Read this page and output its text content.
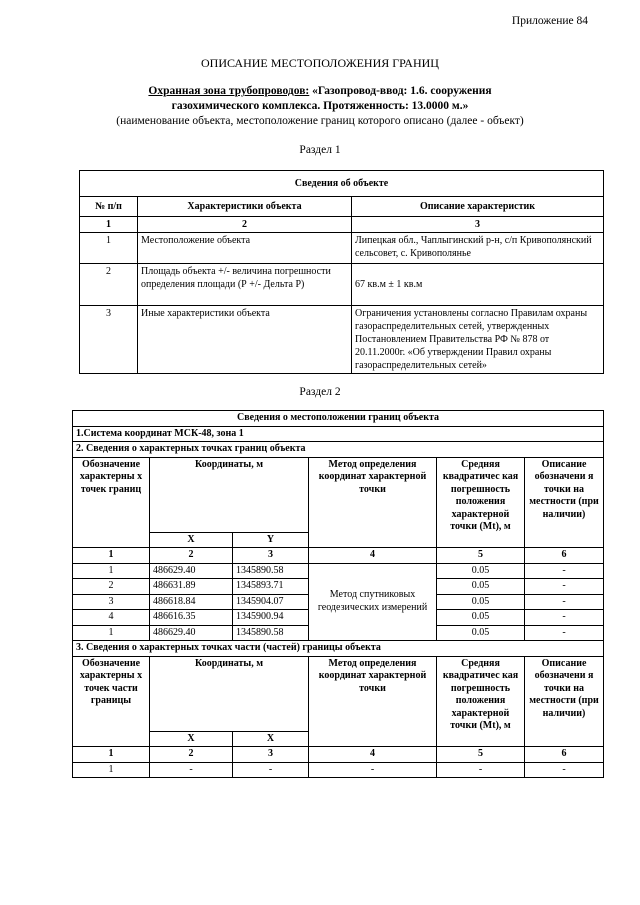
Приложение 84
ОПИСАНИЕ МЕСТОПОЛОЖЕНИЯ ГРАНИЦ
Охранная зона трубопроводов: «Газопровод-ввод: 1.6. сооружения
газохимического комплекса. Протяженность: 13.0000 м.»
(наименование объекта, местоположение границ которого описано (далее - объект)
Раздел 1
Сведения об объекте		
№ п/п	Характеристики объекта	Описание характеристик
1	2	3
1	Местоположение объекта	Липецкая обл., Чаплыгинский р-н, с/п Кривополянский сельсовет, с. Кривополянье
2	Площадь объекта +/- величина погрешности определения площади (Р +/- Дельта Р)	67 кв.м ± 1 кв.м
3	Иные характеристики объекта	Ограничения установлены согласно Правилам охраны газораспределительных сетей, утвержденных Постановлением Правительства РФ № 878 от 20.11.2000г. «Об утверждении Правил охраны газораспределительных сетей»
Раздел 2
Сведения о местоположении границ объекта					
1.Система координат МСК-48, зона 1					
2. Сведения о характерных точках границ объекта					
Обозначение характерны х точек границ	Координаты, м		Метод определения координат характерной точки	Средняя квадратичес кая погрешность положения характерной точки (Mt), м	Описание обозначени я точки на местности (при наличии)
	X	Y			
1	2	3	4	5	6
1	486629.40	1345890.58	Метод спутниковых геодезических измерений	0.05	-
2	486631.89	1345893.71		0.05	-
3	486618.84	1345904.07		0.05	-
4	486616.35	1345900.94		0.05	-
1	486629.40	1345890.58		0.05	-
3. Сведения о характерных точках части (частей) границы объекта					
Обозначение характерны х точек части границы	Координаты, м		Метод определения координат характерной точки	Средняя квадратичес кая погрешность положения характерной точки (Mt), м	Описание обозначени я точки на местности (при наличии)
	X	X			
1	2	3	4	5	6
1	-	-	-	-	-
